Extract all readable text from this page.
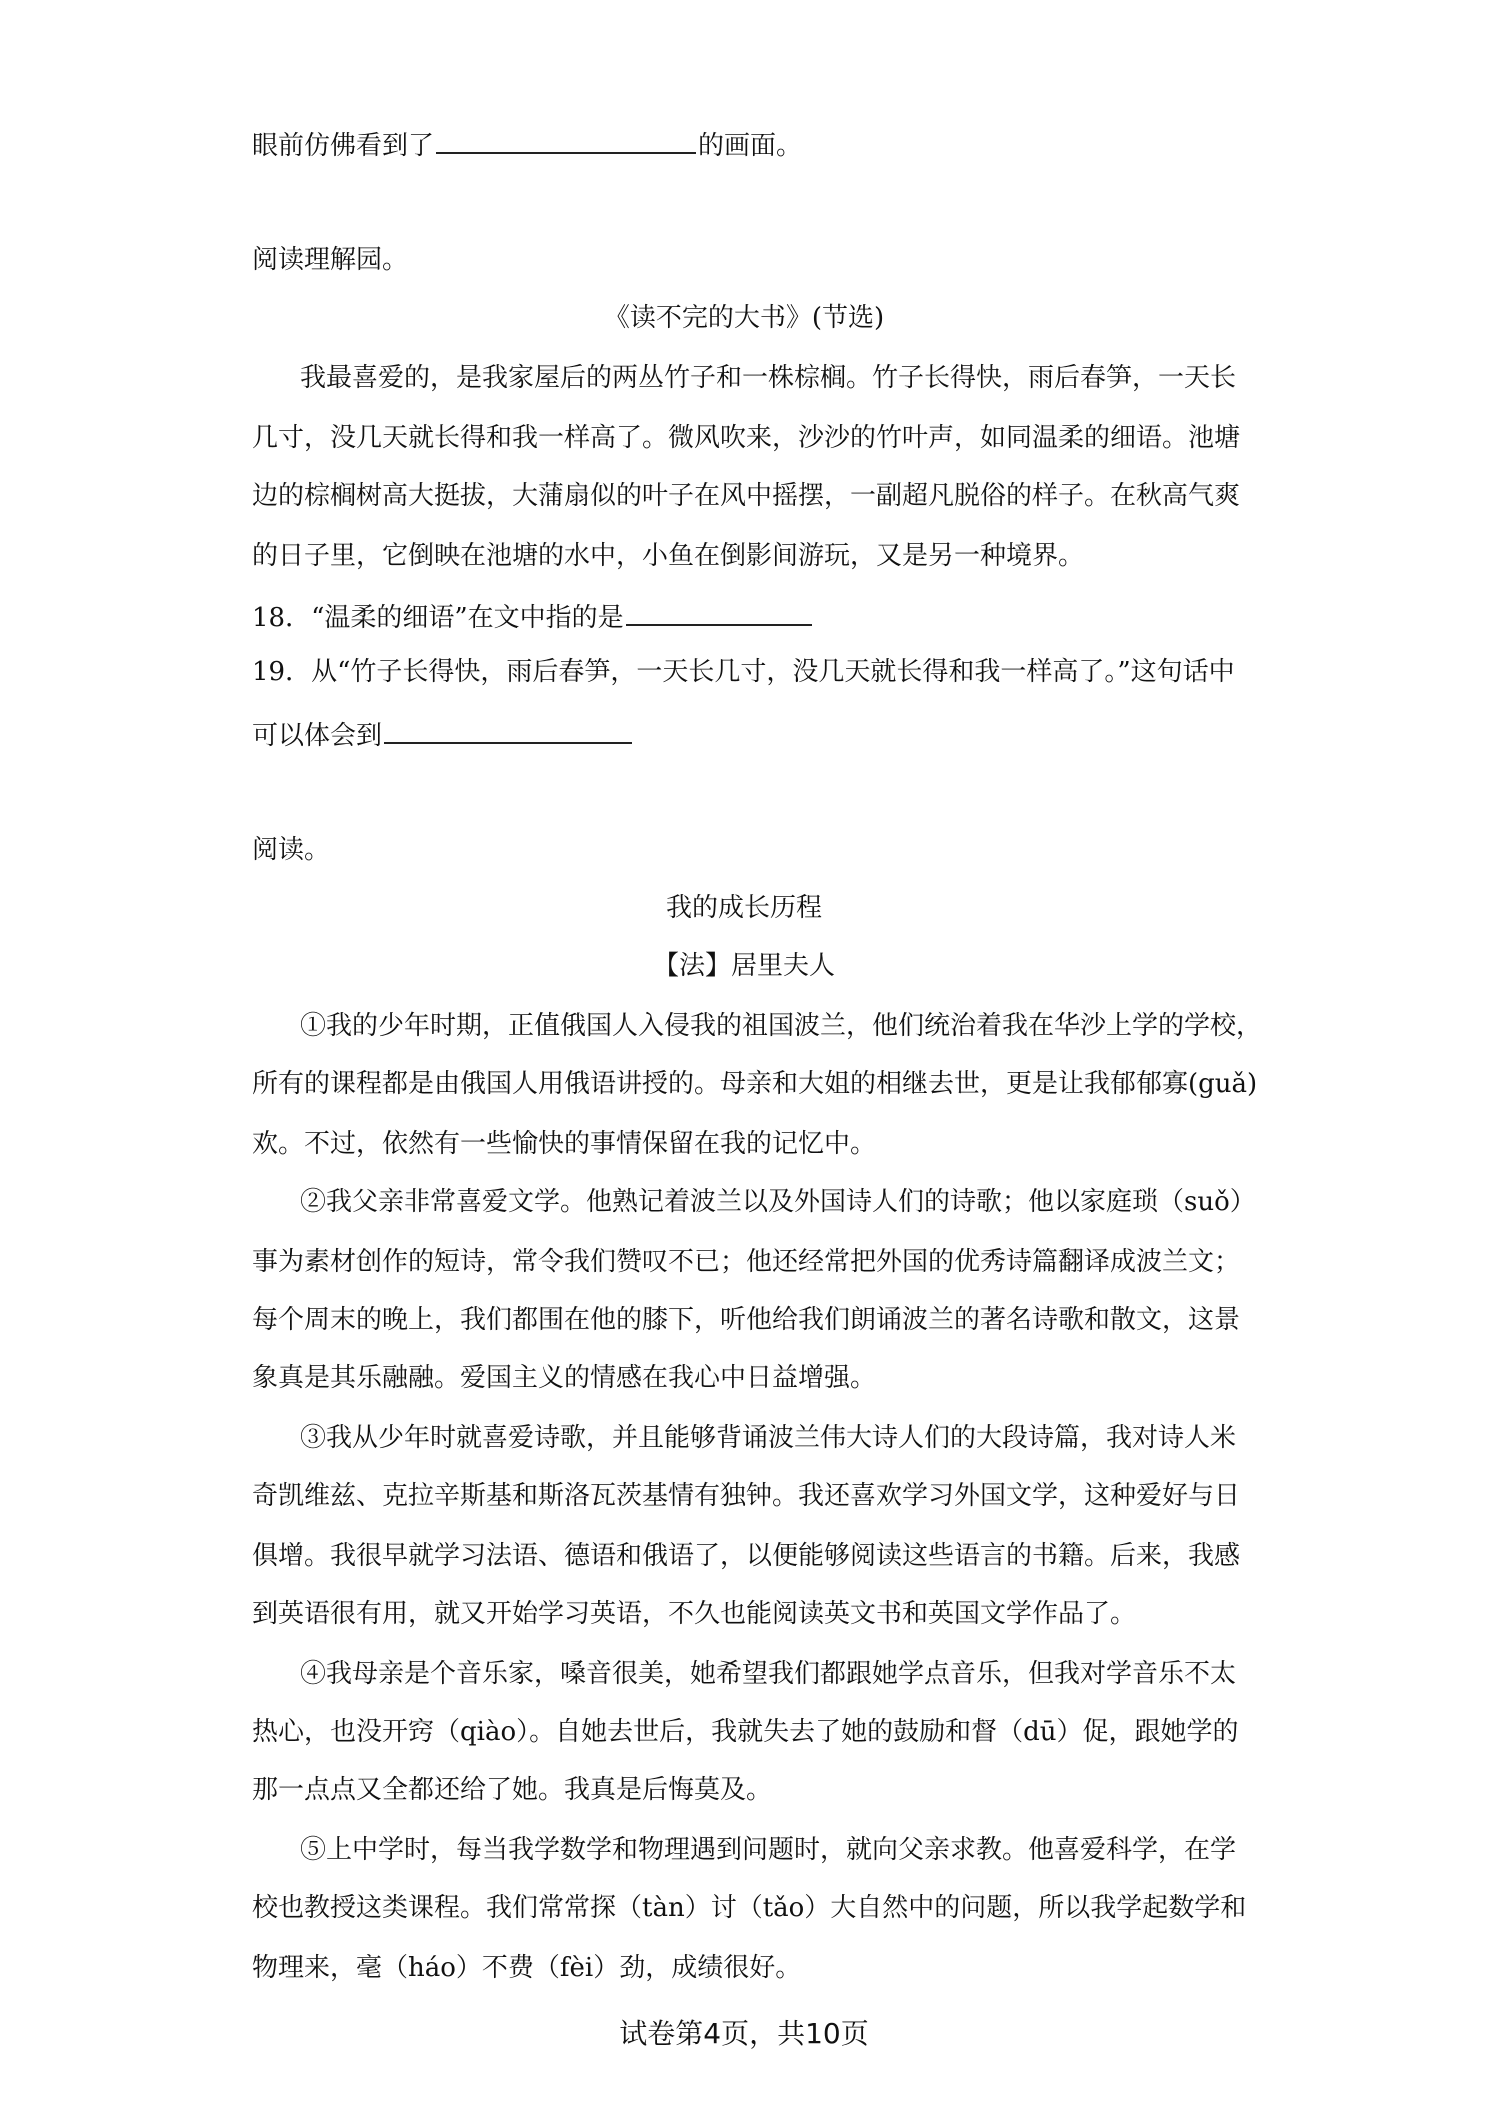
眼前仿佛看到了	的画面。
阅读理解园。
《读不完的大书》(节选)
我最喜爱的，是我家屋后的两丛竹子和一株棕榈。竹子长得快，雨后春笋，一天长
几寸，没几天就长得和我一样高了。微风吹来，沙沙的竹叶声，如同温柔的细语。池塘
边的棕榈树高大挺拔，大蒲扇似的叶子在风中摇摆，一副超凡脱俗的样子。在秋高气爽
的日子里，它倒映在池塘的水中，小鱼在倒影间游玩，又是另一种境界。
18．“温柔的细语”在文中指的是
19．从“竹子长得快，雨后春笋，一天长几寸，没几天就长得和我一样高了。”这句话中
可以体会到
阅读。
我的成长历程
【法】居里夫人
①我的少年时期，正值俄国人入侵我的祖国波兰，他们统治着我在华沙上学的学校，
所有的课程都是由俄国人用俄语讲授的。母亲和大姐的相继去世，更是让我郁郁寡(guǎ)
欢。不过，依然有一些愉快的事情保留在我的记忆中。
②我父亲非常喜爱文学。他熟记着波兰以及外国诗人们的诗歌；他以家庭琐（suǒ）
事为素材创作的短诗，常令我们赞叹不已；他还经常把外国的优秀诗篇翻译成波兰文；
每个周末的晚上，我们都围在他的膝下，听他给我们朗诵波兰的著名诗歌和散文，这景
象真是其乐融融。爱国主义的情感在我心中日益增强。
③我从少年时就喜爱诗歌，并且能够背诵波兰伟大诗人们的大段诗篇，我对诗人米
奇凯维兹、克拉辛斯基和斯洛瓦茨基情有独钟。我还喜欢学习外国文学，这种爱好与日
俱增。我很早就学习法语、德语和俄语了，以便能够阅读这些语言的书籍。后来，我感
到英语很有用，就又开始学习英语，不久也能阅读英文书和英国文学作品了。
④我母亲是个音乐家，嗓音很美，她希望我们都跟她学点音乐，但我对学音乐不太
热心，也没开窍（qiào）。自她去世后，我就失去了她的鼓励和督（dū）促，跟她学的
那一点点又全都还给了她。我真是后悔莫及。
⑤上中学时，每当我学数学和物理遇到问题时，就向父亲求教。他喜爱科学，在学
校也教授这类课程。我们常常探（tàn）讨（tǎo）大自然中的问题，所以我学起数学和
物理来，毫（háo）不费（fèi）劲，成绩很好。
试卷第4页，共10页
